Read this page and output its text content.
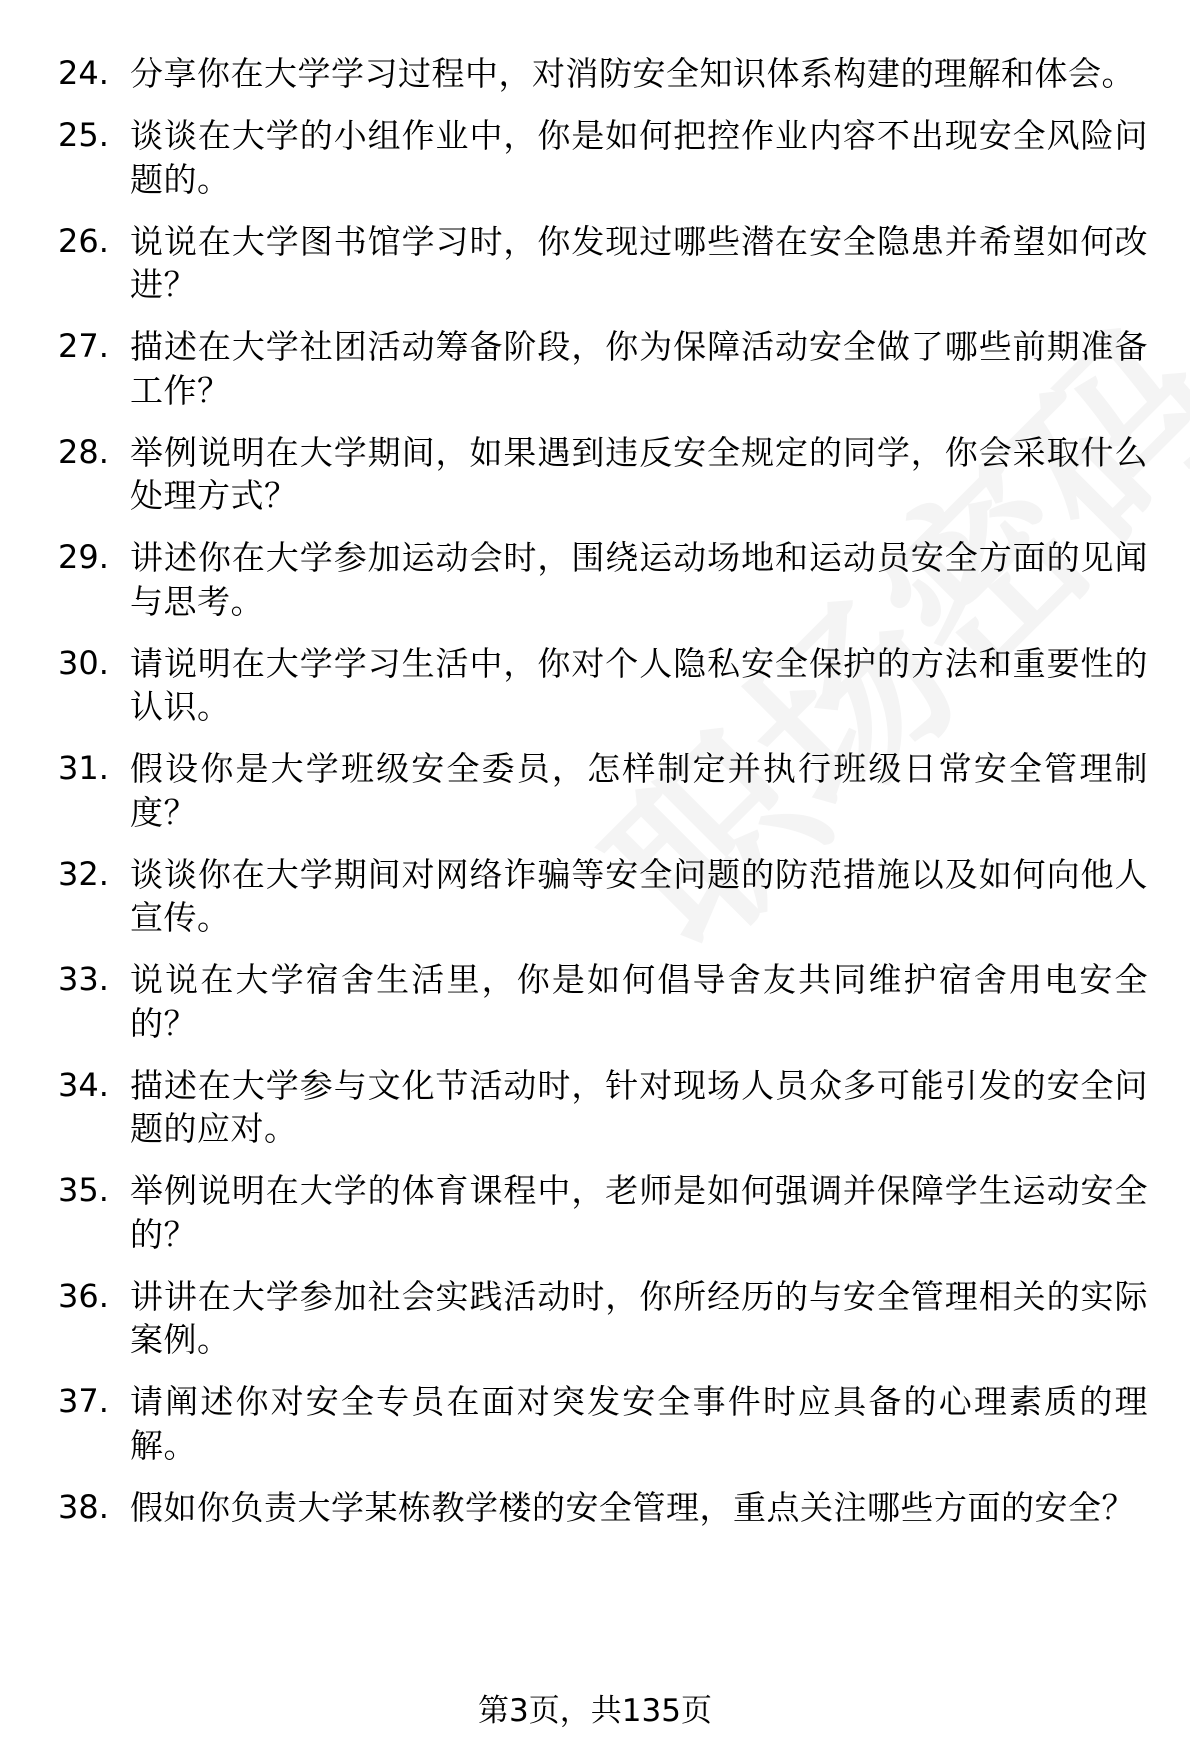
24. 分享你在大学学习过程中，对消防安全知识体系构建的理解和体会。
25. 谈谈在大学的小组作业中，你是如何把控作业内容不出现安全风险问题的。
26. 说说在大学图书馆学习时，你发现过哪些潜在安全隐患并希望如何改进？
27. 描述在大学社团活动筹备阶段，你为保障活动安全做了哪些前期准备工作？
28. 举例说明在大学期间，如果遇到违反安全规定的同学，你会采取什么处理方式？
29. 讲述你在大学参加运动会时，围绕运动场地和运动员安全方面的见闻与思考。
30. 请说明在大学学习生活中，你对个人隐私安全保护的方法和重要性的认识。
31. 假设你是大学班级安全委员，怎样制定并执行班级日常安全管理制度？
32. 谈谈你在大学期间对网络诈骗等安全问题的防范措施以及如何向他人宣传。
33. 说说在大学宿舍生活里，你是如何倡导舍友共同维护宿舍用电安全的？
34. 描述在大学参与文化节活动时，针对现场人员众多可能引发的安全问题的应对。
35. 举例说明在大学的体育课程中，老师是如何强调并保障学生运动安全的？
36. 讲讲在大学参加社会实践活动时，你所经历的与安全管理相关的实际案例。
37. 请阐述你对安全专员在面对突发安全事件时应具备的心理素质的理解。
38. 假如你负责大学某栋教学楼的安全管理，重点关注哪些方面的安全？
第3页，共135页
